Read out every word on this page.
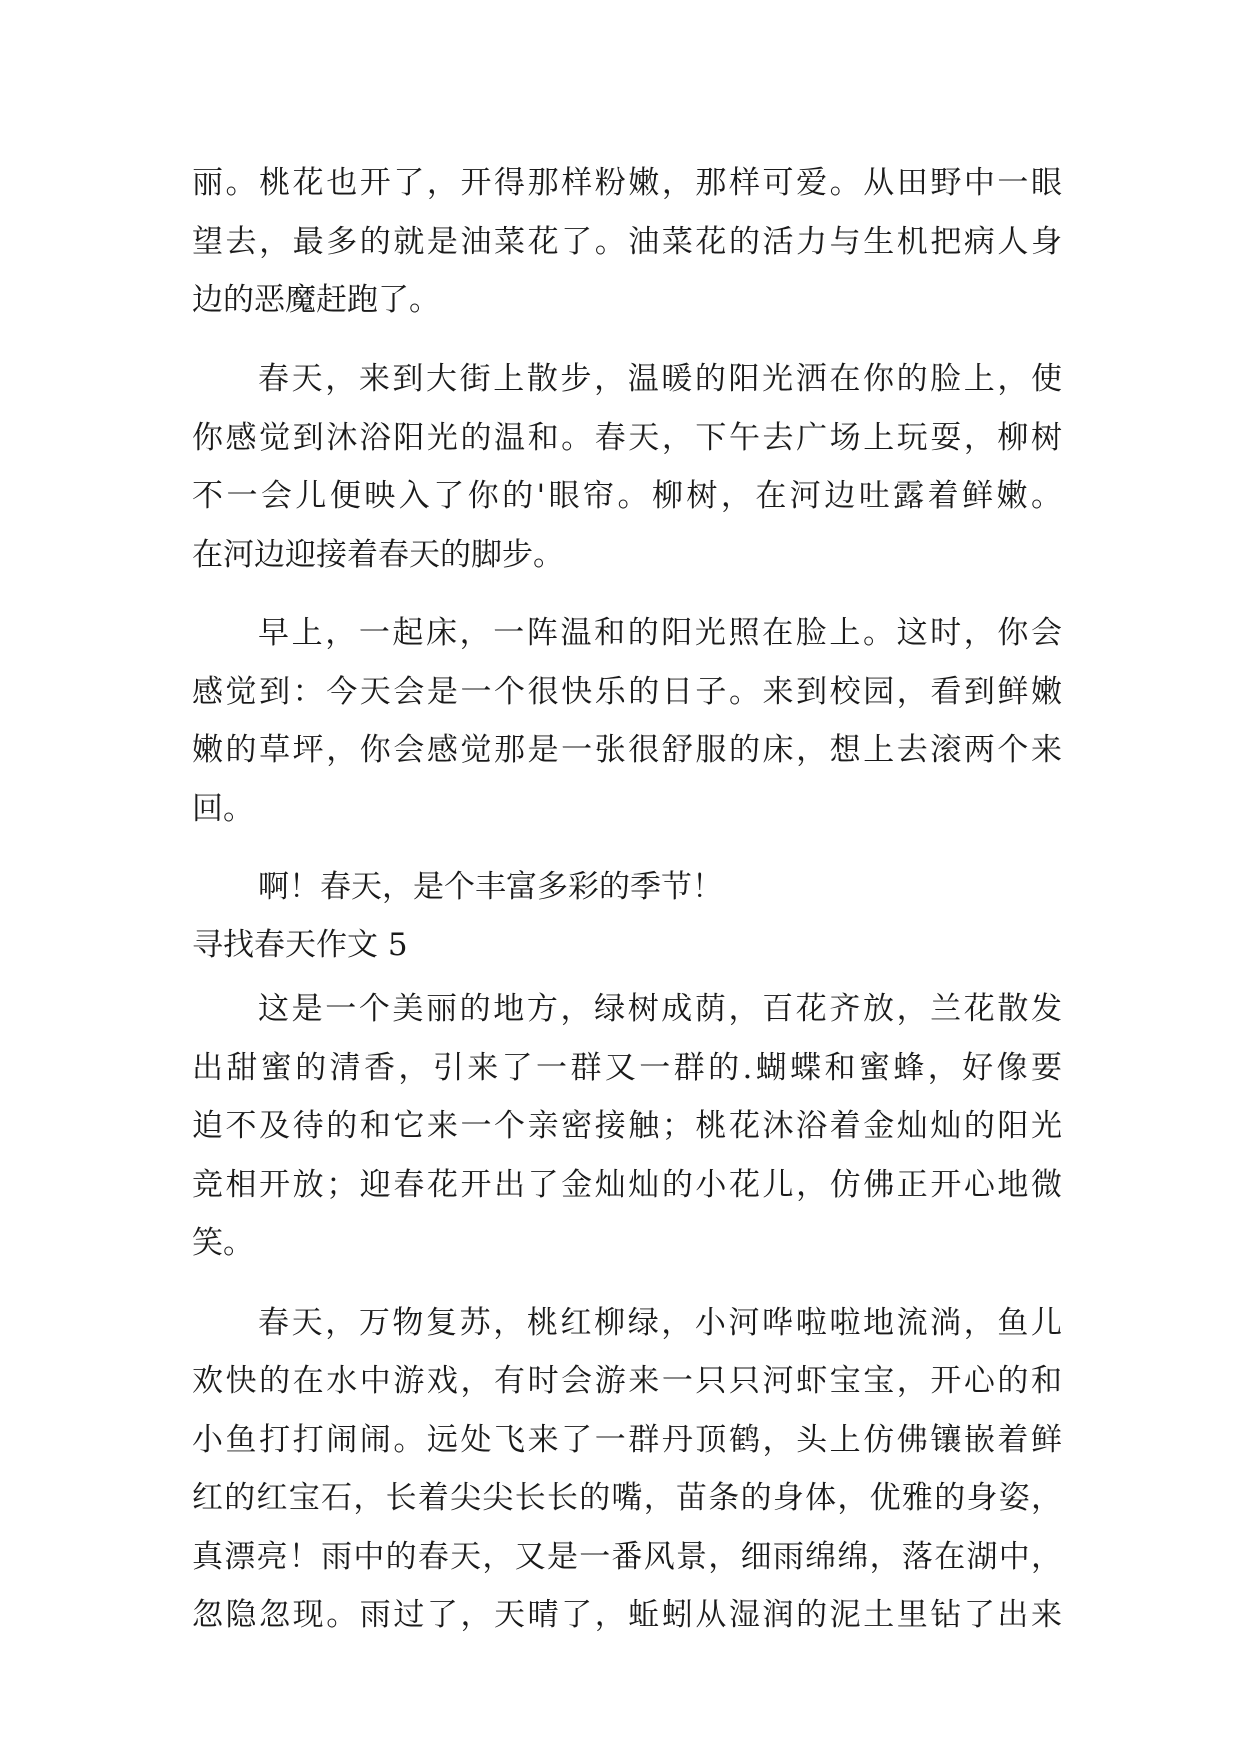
丽。桃花也开了，开得那样粉嫩，那样可爱。从田野中一眼
望去，最多的就是油菜花了。油菜花的活力与生机把病人身
边的恶魔赶跑了。
春天，来到大街上散步，温暖的阳光洒在你的脸上，使
你感觉到沐浴阳光的温和。春天，下午去广场上玩耍，柳树
不一会儿便映入了你的'眼帘。柳树，在河边吐露着鲜嫩。
在河边迎接着春天的脚步。
早上，一起床，一阵温和的阳光照在脸上。这时，你会
感觉到：今天会是一个很快乐的日子。来到校园，看到鲜嫩
嫩的草坪，你会感觉那是一张很舒服的床，想上去滚两个来
回。
啊！春天，是个丰富多彩的季节！
寻找春天作文 5
这是一个美丽的地方，绿树成荫，百花齐放，兰花散发
出甜蜜的清香，引来了一群又一群的.蝴蝶和蜜蜂，好像要
迫不及待的和它来一个亲密接触；桃花沐浴着金灿灿的阳光
竞相开放；迎春花开出了金灿灿的小花儿，仿佛正开心地微
笑。
春天，万物复苏，桃红柳绿，小河哗啦啦地流淌，鱼儿
欢快的在水中游戏，有时会游来一只只河虾宝宝，开心的和
小鱼打打闹闹。远处飞来了一群丹顶鹤，头上仿佛镶嵌着鲜
红的红宝石，长着尖尖长长的嘴，苗条的身体，优雅的身姿，
真漂亮！雨中的春天，又是一番风景，细雨绵绵，落在湖中，
忽隐忽现。雨过了，天晴了，蚯蚓从湿润的泥土里钻了出来
